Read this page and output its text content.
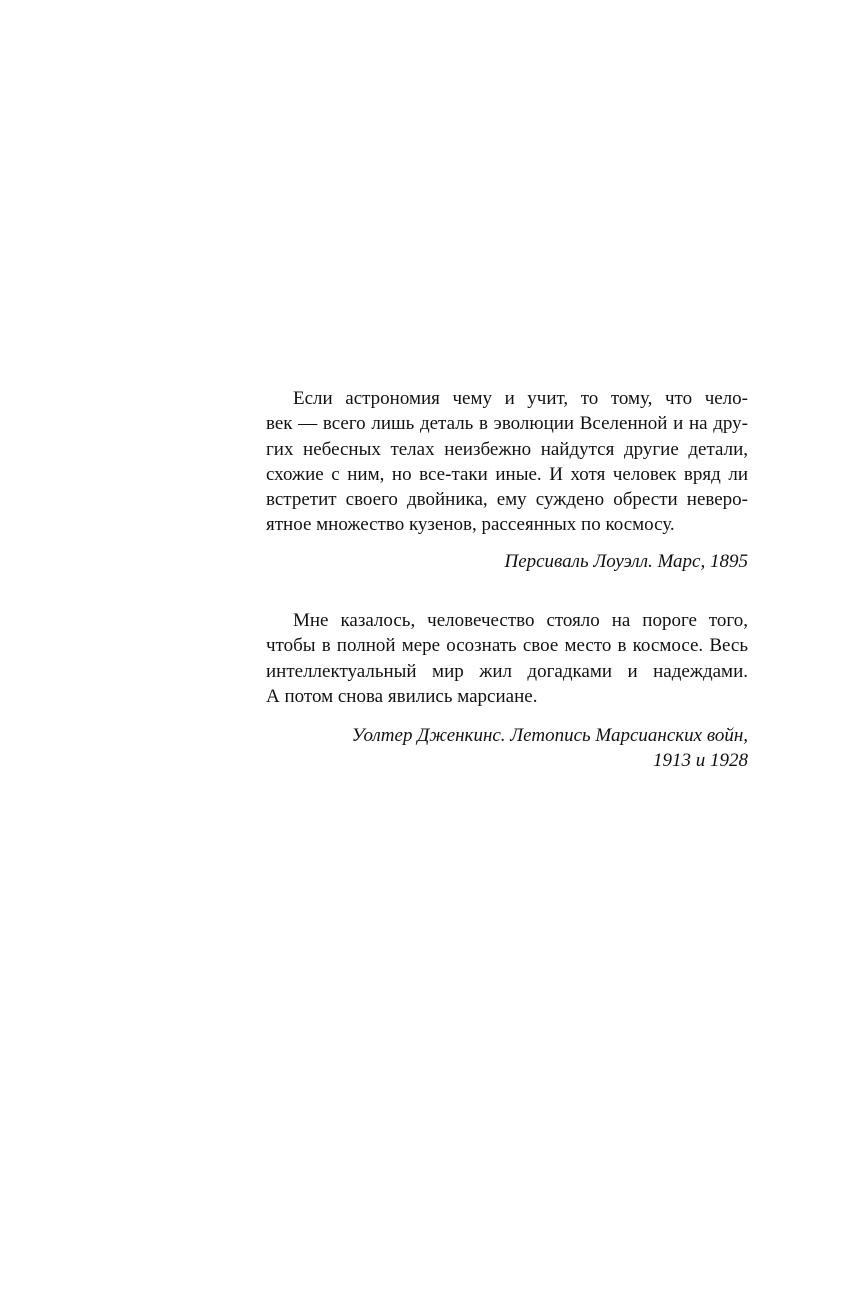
Если астрономия чему и учит, то тому, что чело-
век — всего лишь деталь в эволюции Вселенной и на дру-
гих небесных телах неизбежно найдутся другие детали,
схожие с ним, но все-таки иные. И хотя человек вряд ли
встретит своего двойника, ему суждено обрести неверо-
ятное множество кузенов, рассеянных по космосу.
Персиваль Лоуэлл. Марс, 1895
Мне казалось, человечество стояло на пороге того,
чтобы в полной мере осознать свое место в космосе. Весь
интеллектуальный мир жил догадками и надеждами.
А потом снова явились марсиане.
Уолтер Дженкинс. Летопись Марсианских войн,
1913 и 1928
